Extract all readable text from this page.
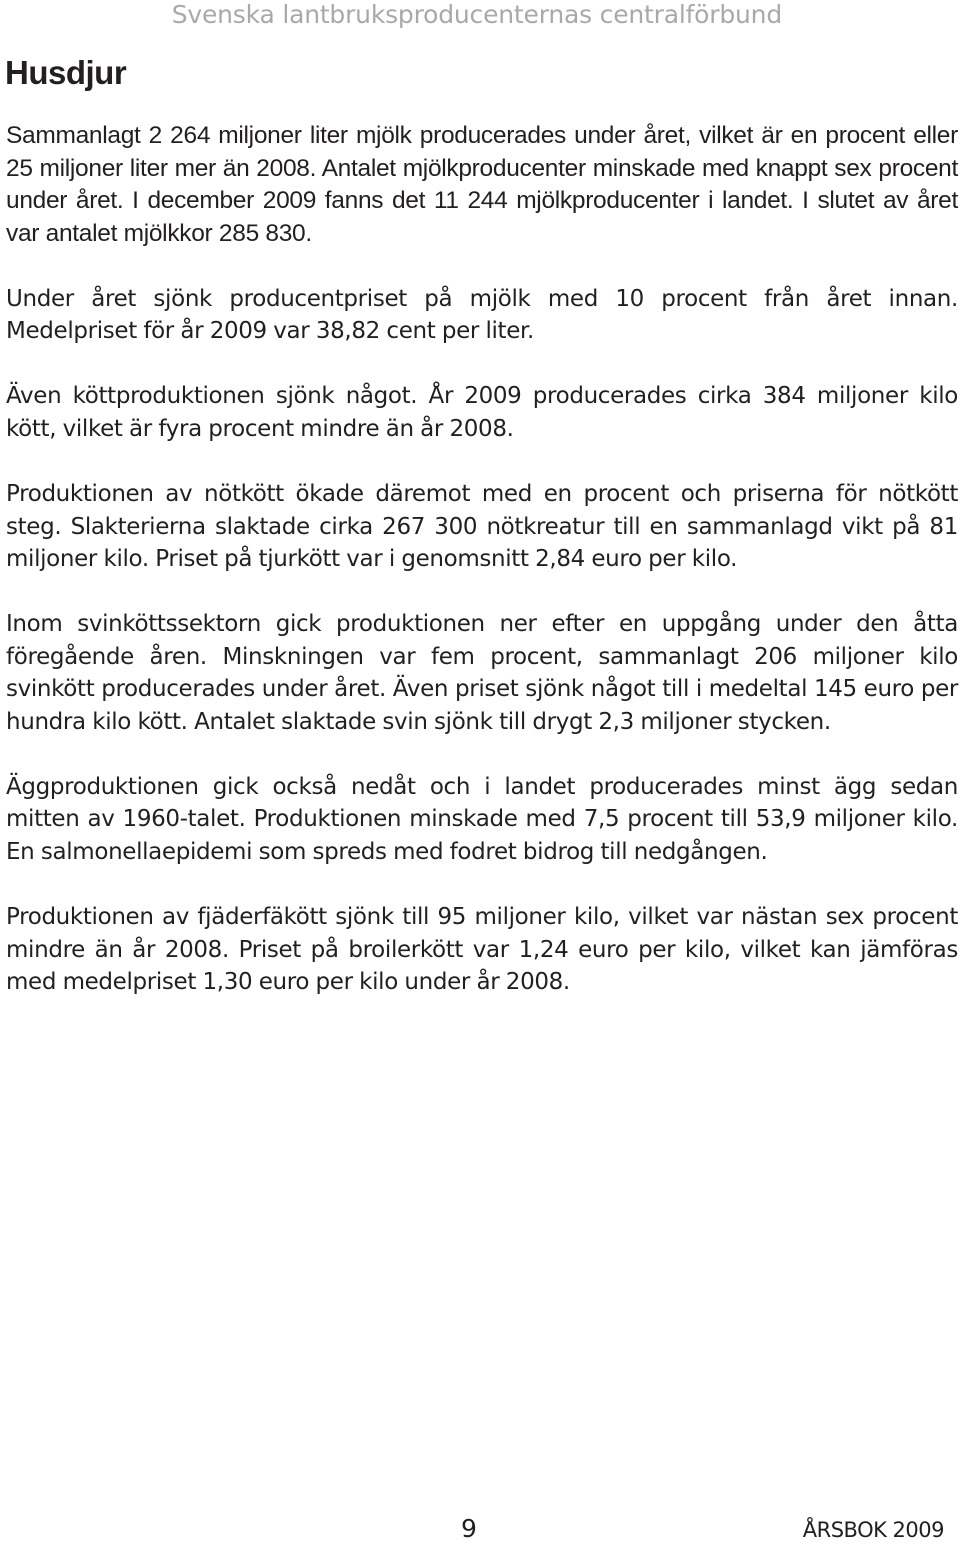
Svenska lantbruksproducenternas centralförbund
Husdjur

Sammanlagt 2 264 miljoner liter mjölk producerades under året, vilket är en procent eller 25 miljoner liter mer än 2008. Antalet mjölkproducenter minskade med knappt sex procent under året. I december 2009 fanns det 11 244 mjölkproducenter i landet. I slutet av året var antalet mjölkkor 285 830.

Under året sjönk producentpriset på mjölk med 10 procent från året innan. Medelpriset för år 2009 var 38,82 cent per liter.

Även köttproduktionen sjönk något. År 2009 producerades cirka 384 miljoner kilo kött, vilket är fyra procent mindre än år 2008.

Produktionen av nötkött ökade däremot med en procent och priserna för nötkött steg. Slakterierna slaktade cirka 267 300 nötkreatur till en sammanlagd vikt på 81 miljoner kilo. Priset på tjurkött var i genomsnitt 2,84 euro per kilo.

Inom svinköttssektorn gick produktionen ner efter en uppgång under den åtta föregående åren. Minskningen var fem procent, sammanlagt 206 miljoner kilo svinkött producerades under året. Även priset sjönk något till i medeltal 145 euro per hundra kilo kött. Antalet slaktade svin sjönk till drygt 2,3 miljoner stycken.

Äggproduktionen gick också nedåt och i landet producerades minst ägg sedan mitten av 1960-talet. Produktionen minskade med 7,5 procent till 53,9 miljoner kilo. En salmonellaepidemi som spreds med fodret bidrog till nedgången.

Produktionen av fjäderfäkött sjönk till 95 miljoner kilo, vilket var nästan sex procent mindre än år 2008. Priset på broilerkött var 1,24 euro per kilo, vilket kan jämföras med medelpriset 1,30 euro per kilo under år 2008.

9	ÅRSBOK 2009
